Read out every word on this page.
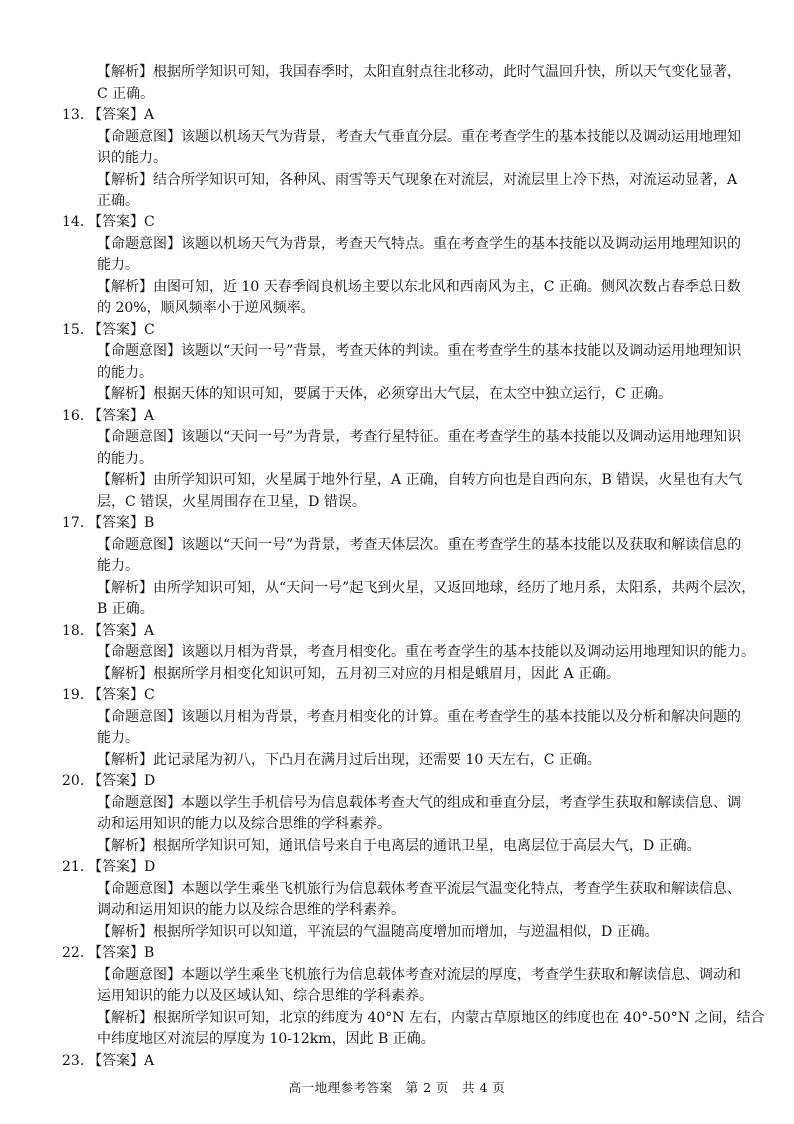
【解析】根据所学知识可知，我国春季时，太阳直射点往北移动，此时气温回升快，所以天气变化显著，
C 正确。
13. 【答案】A
【命题意图】该题以机场天气为背景，考查大气垂直分层。重在考查学生的基本技能以及调动运用地理知
识的能力。
【解析】结合所学知识可知，各种风、雨雪等天气现象在对流层，对流层里上冷下热，对流运动显著，A
正确。
14. 【答案】C
【命题意图】该题以机场天气为背景，考查天气特点。重在考查学生的基本技能以及调动运用地理知识的
能力。
【解析】由图可知，近 10 天春季阎良机场主要以东北风和西南风为主，C 正确。侧风次数占春季总日数
的 20%，顺风频率小于逆风频率。
15. 【答案】C
【命题意图】该题以“天问一号”背景，考查天体的判读。重在考查学生的基本技能以及调动运用地理知识
的能力。
【解析】根据天体的知识可知，要属于天体，必须穿出大气层，在太空中独立运行，C 正确。
16. 【答案】A
【命题意图】该题以“天问一号”为背景，考查行星特征。重在考查学生的基本技能以及调动运用地理知识
的能力。
【解析】由所学知识可知，火星属于地外行星，A 正确，自转方向也是自西向东，B 错误，火星也有大气
层，C 错误，火星周围存在卫星，D 错误。
17. 【答案】B
【命题意图】该题以“天问一号”为背景，考查天体层次。重在考查学生的基本技能以及获取和解读信息的
能力。
【解析】由所学知识可知，从“天问一号”起飞到火星，又返回地球，经历了地月系，太阳系，共两个层次，
B 正确。
18. 【答案】A
【命题意图】该题以月相为背景，考查月相变化。重在考查学生的基本技能以及调动运用地理知识的能力。
【解析】根据所学月相变化知识可知，五月初三对应的月相是蛾眉月，因此 A 正确。
19. 【答案】C
【命题意图】该题以月相为背景，考查月相变化的计算。重在考查学生的基本技能以及分析和解决问题的
能力。
【解析】此记录尾为初八，下凸月在满月过后出现，还需要 10 天左右，C 正确。
20. 【答案】D
【命题意图】本题以学生手机信号为信息载体考查大气的组成和垂直分层，考查学生获取和解读信息、调
动和运用知识的能力以及综合思维的学科素养。
【解析】根据所学知识可知，通讯信号来自于电离层的通讯卫星，电离层位于高层大气，D 正确。
21. 【答案】D
【命题意图】本题以学生乘坐飞机旅行为信息载体考查平流层气温变化特点，考查学生获取和解读信息、
调动和运用知识的能力以及综合思维的学科素养。
【解析】根据所学知识可以知道，平流层的气温随高度增加而增加，与逆温相似，D 正确。
22. 【答案】B
【命题意图】本题以学生乘坐飞机旅行为信息载体考查对流层的厚度，考查学生获取和解读信息、调动和
运用知识的能力以及区域认知、综合思维的学科素养。
【解析】根据所学知识可知，北京的纬度为 40°N 左右，内蒙古草原地区的纬度也在 40°-50°N 之间，结合
中纬度地区对流层的厚度为 10-12km，因此 B 正确。
23. 【答案】A
高一地理参考答案　第 2 页　共 4 页
